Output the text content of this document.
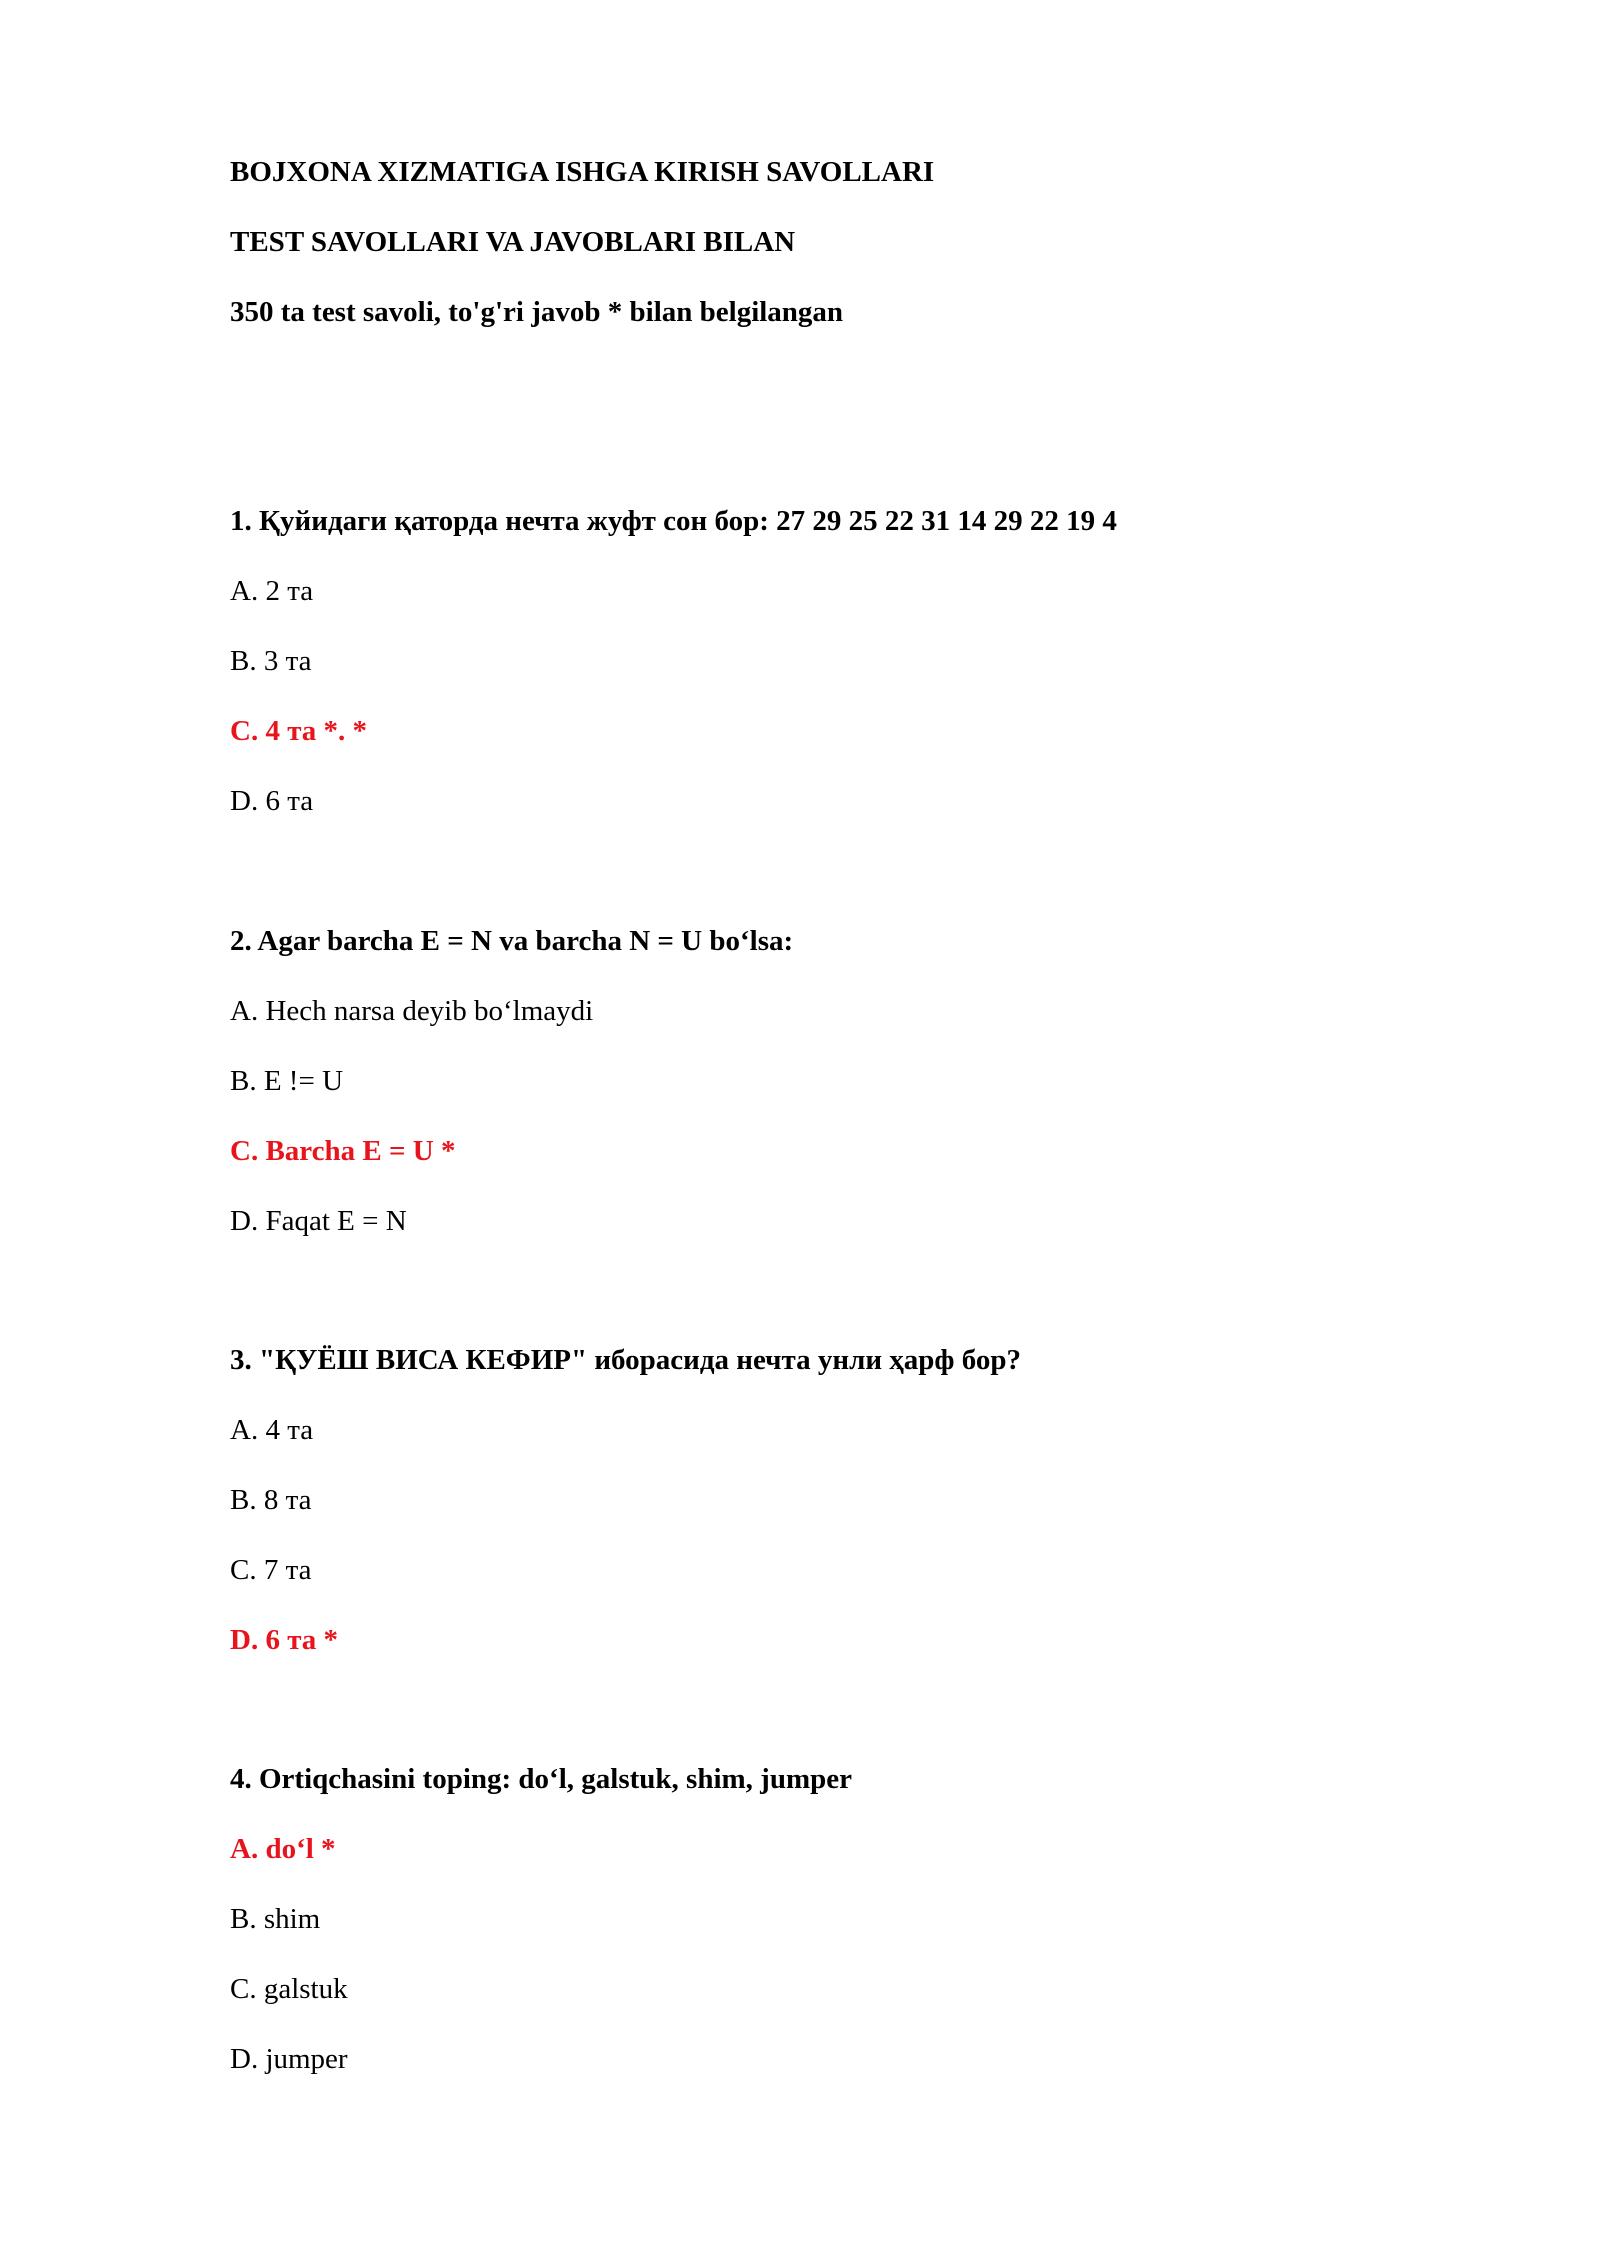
BOJXONA XIZMATIGA ISHGA KIRISH SAVOLLARI
TEST SAVOLLARI VA JAVOBLARI BILAN
350 ta test savoli, to'g'ri javob * bilan belgilangan
1. Қуйидаги қаторда нечта жуфт сон бор: 27 29 25 22 31 14 29 22 19 4
A. 2 та
B. 3 та
C. 4 та *. *
D. 6 та
2. Agar barcha E = N va barcha N = U bo‘lsa:
A. Hech narsa deyib bo‘lmaydi
B. E != U
C. Barcha E = U *
D. Faqat E = N
3. "ҚУЁШ ВИСА КЕФИР" иборасида нечта унли ҳарф бор?
A. 4 та
B. 8 та
C. 7 та
D. 6 та *
4. Ortiqchasini toping: do‘l, galstuk, shim, jumper
A. do‘l *
B. shim
C. galstuk
D. jumper
